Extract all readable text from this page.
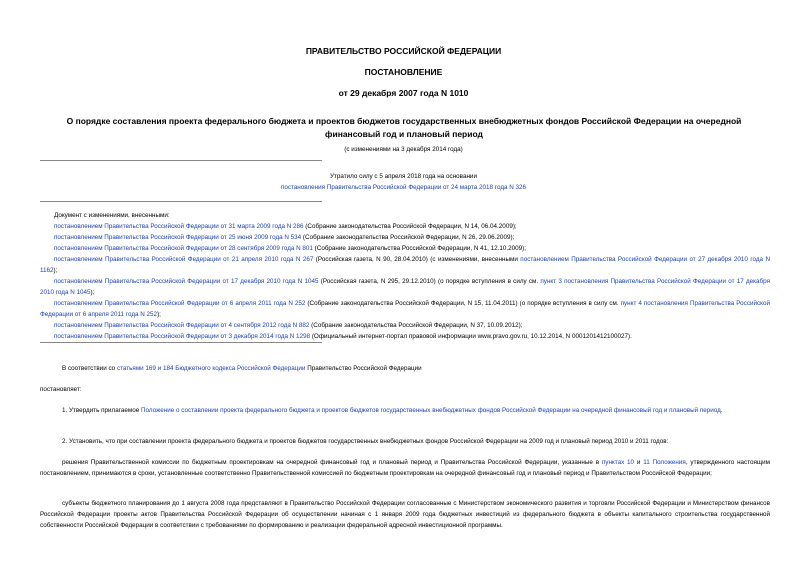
ПРАВИТЕЛЬСТВО РОССИЙСКОЙ ФЕДЕРАЦИИ
ПОСТАНОВЛЕНИЕ
от 29 декабря 2007 года N 1010
О порядке составления проекта федерального бюджета и проектов бюджетов государственных внебюджетных фондов Российской Федерации на очередной финансовый год и плановый период
(с изменениями на 3 декабря 2014 года)
Утратило силу с 5 апреля 2018 года на основании
постановления Правительства Российской Федерации от 24 марта 2018 года N 326
Документ с изменениями, внесенными:
постановлением Правительства Российской Федерации от 31 марта 2009 года N 286 (Собрание законодательства Российской Федерации, N 14, 06.04.2009);
постановлением Правительства Российской Федерации от 25 июня 2009 года N 534 (Собрание законодательства Российской Федерации, N 26, 29.06.2009);
постановлением Правительства Российской Федерации от 28 сентября 2009 года N 801 (Собрание законодательства Российской Федерации, N 41, 12.10.2009);
постановлением Правительства Российской Федерации от 21 апреля 2010 года N 267 (Российская газета, N 90, 28.04.2010) (с изменениями, внесенными постановлением Правительства Российской Федерации от 27 декабря 2010 года N 1162);
постановлением Правительства Российской Федерации от 17 декабря 2010 года N 1045 (Российская газета, N 295, 29.12.2010) (о порядке вступления в силу см. пункт 3 постановления Правительства Российской Федерации от 17 декабря 2010 года N 1045);
постановлением Правительства Российской Федерации от 6 апреля 2011 года N 252 (Собрание законодательства Российской Федерации, N 15, 11.04.2011) (о порядке вступления в силу см. пункт 4 постановления Правительства Российской Федерации от 6 апреля 2011 года N 252);
постановлением Правительства Российской Федерации от 4 сентября 2012 года N 882 (Собрание законодательства Российской Федерации, N 37, 10.09.2012);
постановлением Правительства Российской Федерации от 3 декабря 2014 года N 1298 (Официальный интернет-портал правовой информации www.pravo.gov.ru, 10.12.2014, N 0001201412100027).
В соответствии со статьями 169 и 184 Бюджетного кодекса Российской Федерации Правительство Российской Федерации
постановляет:
1. Утвердить прилагаемое Положение о составлении проекта федерального бюджета и проектов бюджетов государственных внебюджетных фондов Российской Федерации на очередной финансовый год и плановый период.
2. Установить, что при составлении проекта федерального бюджета и проектов бюджетов государственных внебюджетных фондов Российской Федерации на 2009 год и плановый период 2010 и 2011 годов:
решения Правительственной комиссии по бюджетным проектировкам на очередной финансовый год и плановый период и Правительства Российской Федерации, указанные в пунктах 10 и 11 Положения, утвержденного настоящим постановлением, принимаются в сроки, установленные соответственно Правительственной комиссией по бюджетным проектировкам на очередной финансовый год и плановый период и Правительством Российской Федерации;
субъекты бюджетного планирования до 1 августа 2008 года представляют в Правительство Российской Федерации согласованные с Министерством экономического развития и торговли Российской Федерации и Министерством финансов Российской Федерации проекты актов Правительства Российской Федерации об осуществлении начиная с 1 января 2009 года бюджетных инвестиций из федерального бюджета в объекты капитального строительства государственной собственности Российской Федерации в соответствии с требованиями по формированию и реализации федеральной адресной инвестиционной программы.
